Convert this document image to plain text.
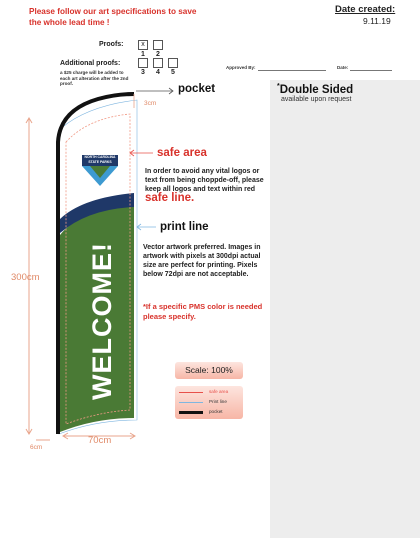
Please follow our art specifications to save the whole lead time !
Date created:
9.11.19
Proofs:	x
1	2
Additional proofs:
a $25 charge will be added to each art alteration after the 2nd proof.
3	4	5
Approved By:	Date:
pocket	*Double Sided
available upon request
safe area
In order to avoid any vital logos or text from being choppde-off, please keep all logos and text within red safe line.
print line
Vector artwork preferred. Images in artwork with pixels at 300dpi actual size are perfect for printing. Pixels below 72dpi are not acceptable.
*If a specific PMS color is needed please specify.
Scale: 100%
safe area
Print line
pocket
NORTH CAROLINA
STATE PARKS
WELCOME!
3cm
300cm
70cm
6cm
